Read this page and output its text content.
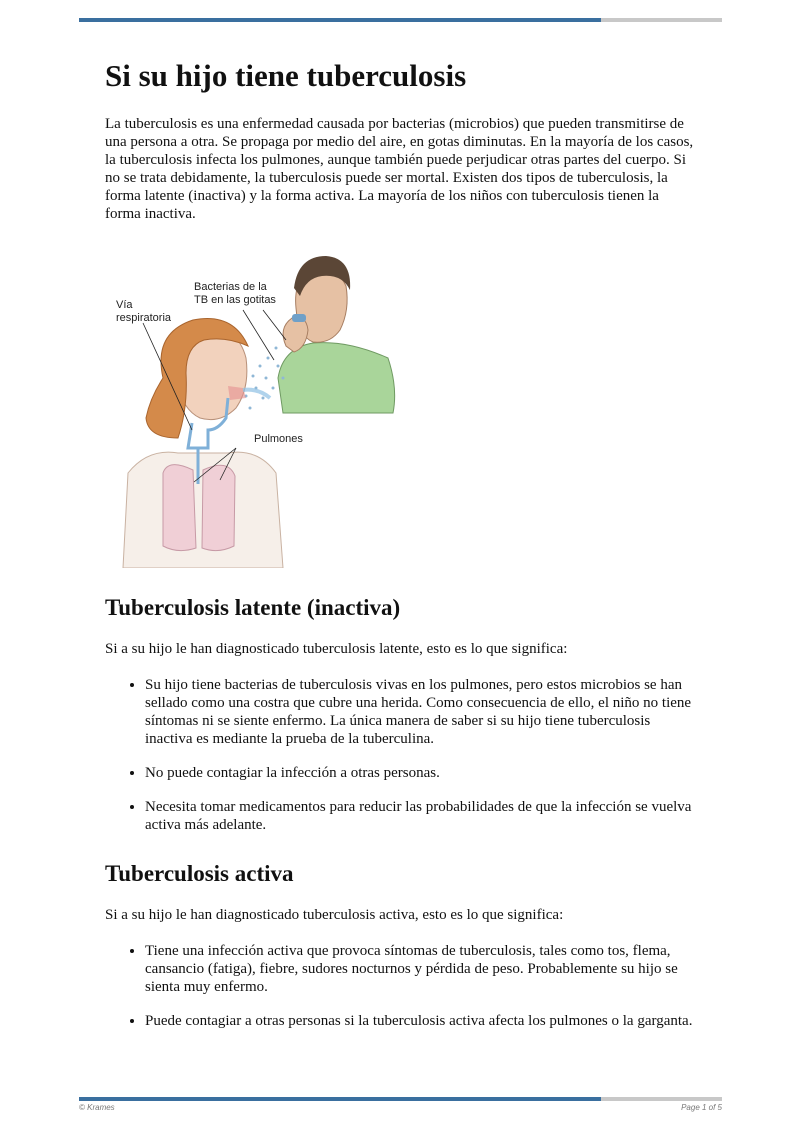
Si su hijo tiene tuberculosis

La tuberculosis es una enfermedad causada por bacterias (microbios) que pueden transmitirse de una persona a otra. Se propaga por medio del aire, en gotas diminutas. En la mayoría de los casos, la tuberculosis infecta los pulmones, aunque también puede perjudicar otras partes del cuerpo. Si no se trata debidamente, la tuberculosis puede ser mortal. Existen dos tipos de tuberculosis, la forma latente (inactiva) y la forma activa. La mayoría de los niños con tuberculosis tienen la forma inactiva.

Vía
respiratoria
Bacterias de la
TB en las gotitas
Pulmones
Tuberculosis latente (inactiva)

Si a su hijo le han diagnosticado tuberculosis latente, esto es lo que significa:

• Su hijo tiene bacterias de tuberculosis vivas en los pulmones, pero estos microbios se han sellado como una costra que cubre una herida. Como consecuencia de ello, el niño no tiene síntomas ni se siente enfermo. La única manera de saber si su hijo tiene tuberculosis inactiva es mediante la prueba de la tuberculina.
• No puede contagiar la infección a otras personas.
• Necesita tomar medicamentos para reducir las probabilidades de que la infección se vuelva activa más adelante.
Tuberculosis activa

Si a su hijo le han diagnosticado tuberculosis activa, esto es lo que significa:

• Tiene una infección activa que provoca síntomas de tuberculosis, tales como tos, flema, cansancio (fatiga), fiebre, sudores nocturnos y pérdida de peso. Probablemente su hijo se sienta muy enfermo.
• Puede contagiar a otras personas si la tuberculosis activa afecta los pulmones o la garganta.
© Krames	Page 1 of 5
